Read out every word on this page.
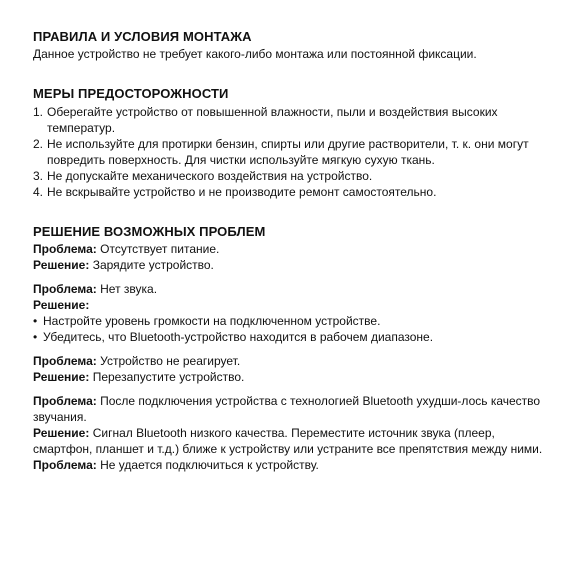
ПРАВИЛА И УСЛОВИЯ МОНТАЖА

Данное устройство не требует какого-либо монтажа или постоянной фиксации.

МЕРЫ ПРЕДОСТОРОЖНОСТИ

1. Оберегайте устройство от повышенной влажности, пыли и воздействия высоких температур.
2. Не используйте для протирки бензин, спирты или другие растворители, т. к. они могут повредить поверхность. Для чистки используйте мягкую сухую ткань.
3. Не допускайте механического воздействия на устройство.
4. Не вскрывайте устройство и не производите ремонт самостоятельно.

РЕШЕНИЕ ВОЗМОЖНЫХ ПРОБЛЕМ

Проблема: Отсутствует питание.

Решение: Зарядите устройство.

Проблема: Нет звука.

Решение:

• Настройте уровень громкости на подключенном устройстве.
• Убедитесь, что Bluetooth-устройство находится в рабочем диапазоне.

Проблема: Устройство не реагирует.

Решение: Перезапустите устройство.

Проблема: После подключения устройства с технологией Bluetooth ухудши-лось качество звучания.

Решение: Сигнал Bluetooth низкого качества. Переместите источник звука (плеер, смартфон, планшет и т.д.) ближе к устройству или устраните все препятствия между ними.

Проблема: Не удается подключиться к устройству.
